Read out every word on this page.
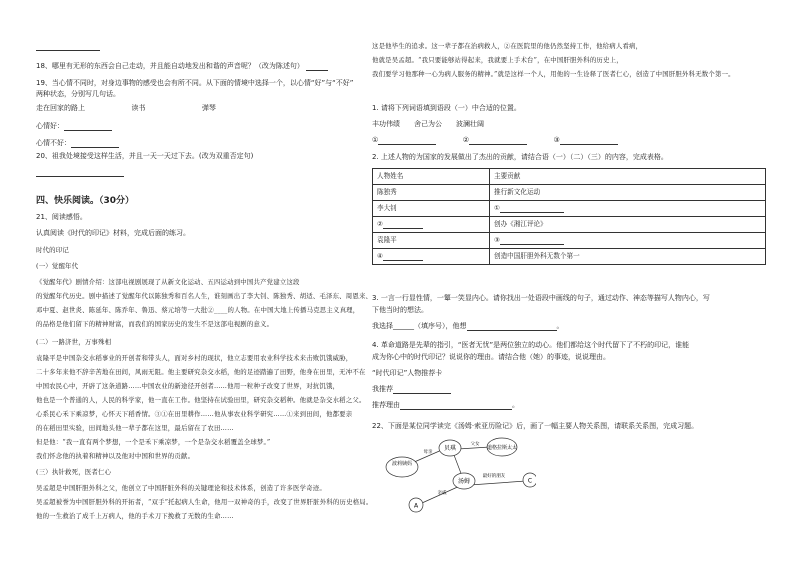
18、哪里有无形的东西会自己走动，并且能自动地发出和谐的声音呢？（改为陈述句）
19、当心情不同时，对身边事物的感受也会有所不同。从下面的情境中选择一个，以心情“好”与“不好”
两种状态，分别写几句话。
走在回家的路上	读书	弹琴
心情好：
心情不好：
20、祖我处境接受这样生活，并且一天一天过下去。(改为双重否定句)
四、快乐阅读。（30分）
21、阅读感悟。
认真阅读《时代的印记》材料，完成后面的练习。
时代的印记
(一）觉醒年代
《觉醒年代》剧情介绍：这部电视剧展现了从新文化运动、五四运动到中国共产党建立这段
的觉醒年代历史。剧中描述了觉醒年代以陈独秀和百名人生，谁刻画出了李大钊、陈独秀、胡适、毛泽东、周恩来、
邓中夏、赵世炎、陈延年、陈乔年、鲁迅、蔡元培等一大批②____的人物。在中国大地上传播马克思主义真理，
的品格是他们留下的精神财富，而我们的国家历史的发生不是这部电视剧的意义。
(二）一路济世，万事殊相
袁隆平是中国杂交水稻事业的开创者和带头人，面对乡村的现状，他立志要用农业科学技术来击败饥饿威胁，
二十多年来他不辞辛苦地在田间，风雨无阻。他主要研究杂交水稻，他的足迹踏遍了田野，他身在田里，无冲不在
中国农民心中，开辟了这条道路……中国农业的新途径开创者……他用一粒种子改变了世界，对抗饥饿，
他也是一个普通的人，人民的科学家，他一直在工作。他坚持在试验田里，研究杂交稻种。他就是杂交水稻之父。
心系民心禾下乘凉梦，心怀天下稻香情。③①在田里耕作……他从事农业科学研究……①来到田间，他都要亲
的在稻田里实验，田间地头他一辈子都在这里，最后留在了农田……
但是他：“我一直有两个梦想，一个是禾下乘凉梦，一个是杂交水稻覆盖全球梦。”
我们怀念他的执着和精神以及他对中国和世界的贡献。
(三）执针救死，医者仁心
吴孟超是中国肝胆外科之父，他创立了中国肝脏外科的关键理论和技术体系，创造了许多医学奇迹。
吴孟超被誉为中国肝胆外科的开拓者，“双手”托起病人生命，他用一双神奇的手，改变了世界肝脏外科的历史格局。
他的一生救治了成千上万病人，他的手术刀下挽救了无数的生命……
这是他毕生的追求。这一辈子都在治病救人，②在医院里的他仍然坚持工作，他给病人看病，
他就是吴孟超。“我只要能够站得起来，我就要上手术台”，在中国肝胆外科的历史上，
我们要学习他那种一心为病人服务的精神。”就是这样一个人，用他的一生诠释了医者仁心，创造了中国肝胆外科无数个第一。
1. 请将下列词语填到语段（一）中合适的位置。
丰功伟绩　　舍己为公　　波澜壮阔
①	②	③
2. 上述人物的为国家的发展做出了杰出的贡献，请结合语（一）（二）（三）的内容，完成表格。
人物姓名	主要贡献
陈独秀	推行新文化运动
李大钊	①
②	创办《湘江评论》
袁隆平	③
④	创造中国肝胆外科无数个第一
3. 一言一行显性情，一颦一笑显内心。请你找出一处语段中画线的句子，通过动作、神态等描写人物内心，写
下他当时的想法。
我选择______（填序号），他想	。
4. 革命道路是先辈的指引，“医者无忧”是两位独立的动心。他们都给这个时代留下了不朽的印记，谁能
成为你心中的时代印记？说说你的理由。请结合他（她）的事迹，说说理由。
“时代印记”人物推荐卡
我推荐
推荐理由	。
22、下面是某位同学读完《汤姆·索亚历险记》后，画了一幅主要人物关系图，请联系关系图，完成习题。
波莉姨妈
贝琪	道格拉斯太太
汤姆
A
C
父女
母亲
最好的朋友
亲戚
